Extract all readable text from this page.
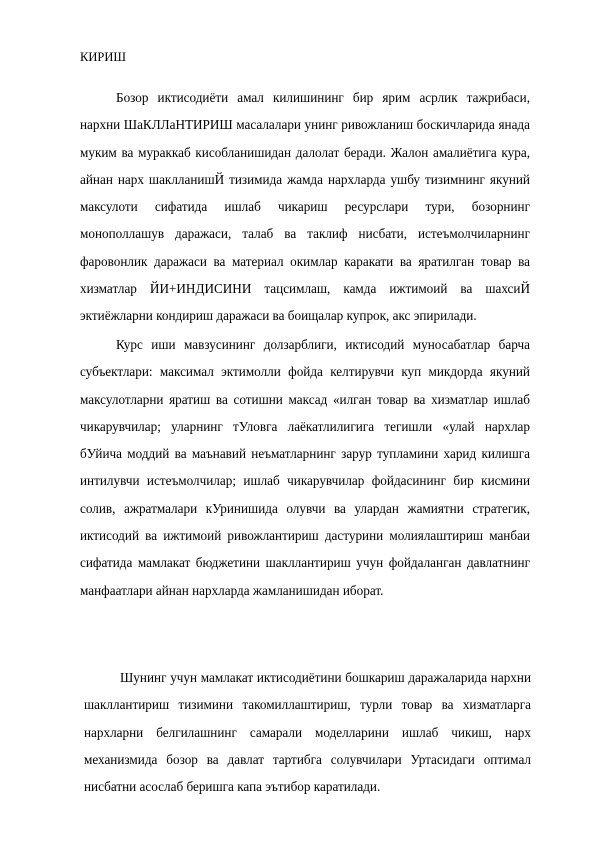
КИРИШ

Бозор иктисодиёти амал килишининг бир ярим асрлик тажрибаси, нархни ШаКЛЛаНТИРИШ масалалари унинг ривожланиш боскичларида янада муким ва мураккаб кисобланишидан далолат беради. Жалон амалиётига кура, айнан нарх шаклланишЙ тизимида жамда нархларда ушбу тизимнинг якуний максулоти сифатида ишлаб чикариш ресурслари тури, бозорнинг монополлашув даражаси, талаб ва таклиф нисбати, истеъмолчиларнинг фаровонлик даражаси ва материал окимлар каракати ва яратилган товар ва хизматлар ЙИ+ИНДИСИНИ тацсимлаш, камда ижтимоий ва шахсиЙ эктиёжларни кондириш даражаси ва боищалар купрок, акс эпирилади.

Курс иши мавзусининг долзарблиги, иктисодий муносабатлар барча субъектлари: максимал эктимолли фойда келтирувчи куп микдорда якуний максулотларни яратиш ва сотишни максад «илган товар ва хизматлар ишлаб чикарувчилар; уларнинг тУловга лаёкатлилигига тегишли «улай нархлар бУйича моддий ва маънавий неъматларнинг зарур тупламини харид килишга интилувчи истеъмолчилар; ишлаб чикарувчилар фойдасининг бир кисмини солив, ажратмалари кУринишида олувчи ва улардан жамиятни стратегик, иктисодий ва ижтимоий ривожлантириш дастурини молиялаштириш манбаи сифатида мамлакат бюджетини шакллантириш учун фойдаланган давлатнинг манфаатлари айнан нархларда жамланишидан иборат.

Шунинг учун мамлакат иктисодиётини бошкариш даражаларида нархни шакллантириш тизимини такомиллаштириш, турли товар ва хизматларга нархларни белгилашнинг самарали моделларини ишлаб чикиш, нарх механизмида бозор ва давлат тартибга солувчилари Уртасидаги оптимал нисбатни асослаб беришга капа эътибор каратилади.
